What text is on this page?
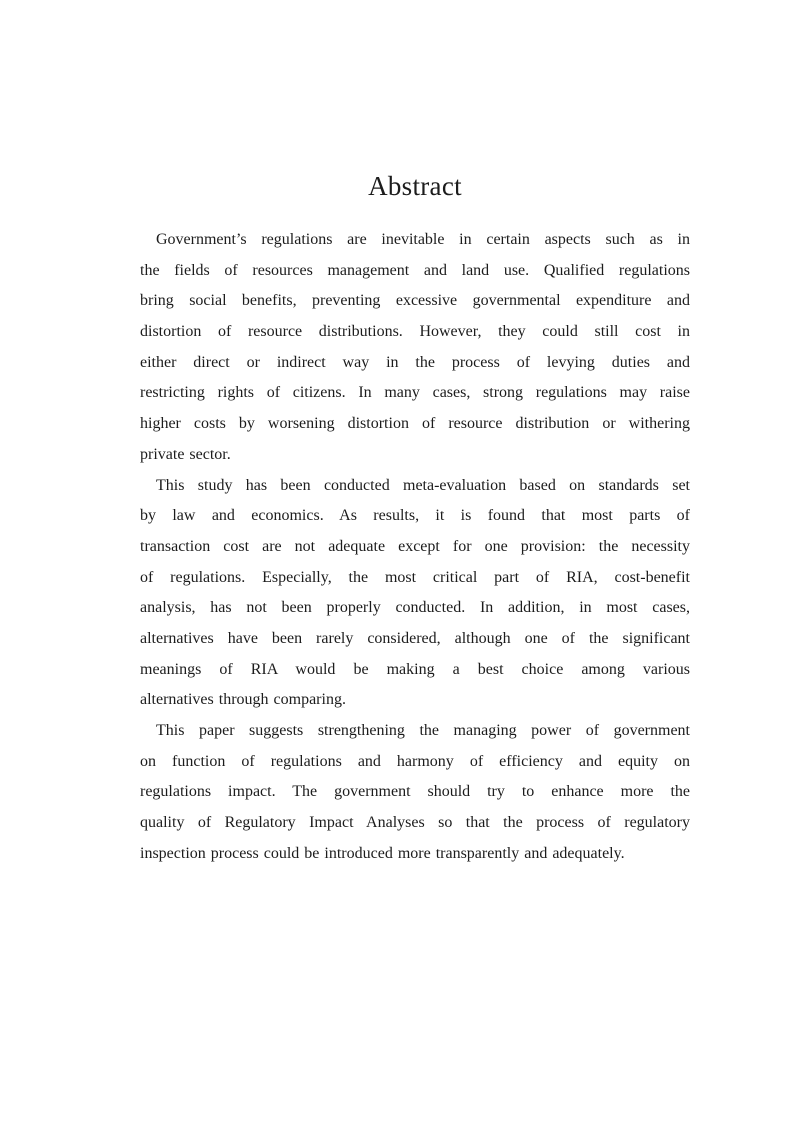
Abstract
Government’s regulations are inevitable in certain aspects such as in
the fields of resources management and land use. Qualified regulations
bring social benefits, preventing excessive governmental expenditure and
distortion of resource distributions. However, they could still cost in
either direct or indirect way in the process of levying duties and
restricting rights of citizens. In many cases, strong regulations may raise
higher costs by worsening distortion of resource distribution or withering
private sector.
This study has been conducted meta-evaluation based on standards set
by law and economics. As results, it is found that most parts of
transaction cost are not adequate except for one provision: the necessity
of regulations. Especially, the most critical part of RIA, cost-benefit
analysis, has not been properly conducted. In addition, in most cases,
alternatives have been rarely considered, although one of the significant
meanings of RIA would be making a best choice among various
alternatives through comparing.
This paper suggests strengthening the managing power of government
on function of regulations and harmony of efficiency and equity on
regulations impact. The government should try to enhance more the
quality of Regulatory Impact Analyses so that the process of regulatory
inspection process could be introduced more transparently and adequately.
